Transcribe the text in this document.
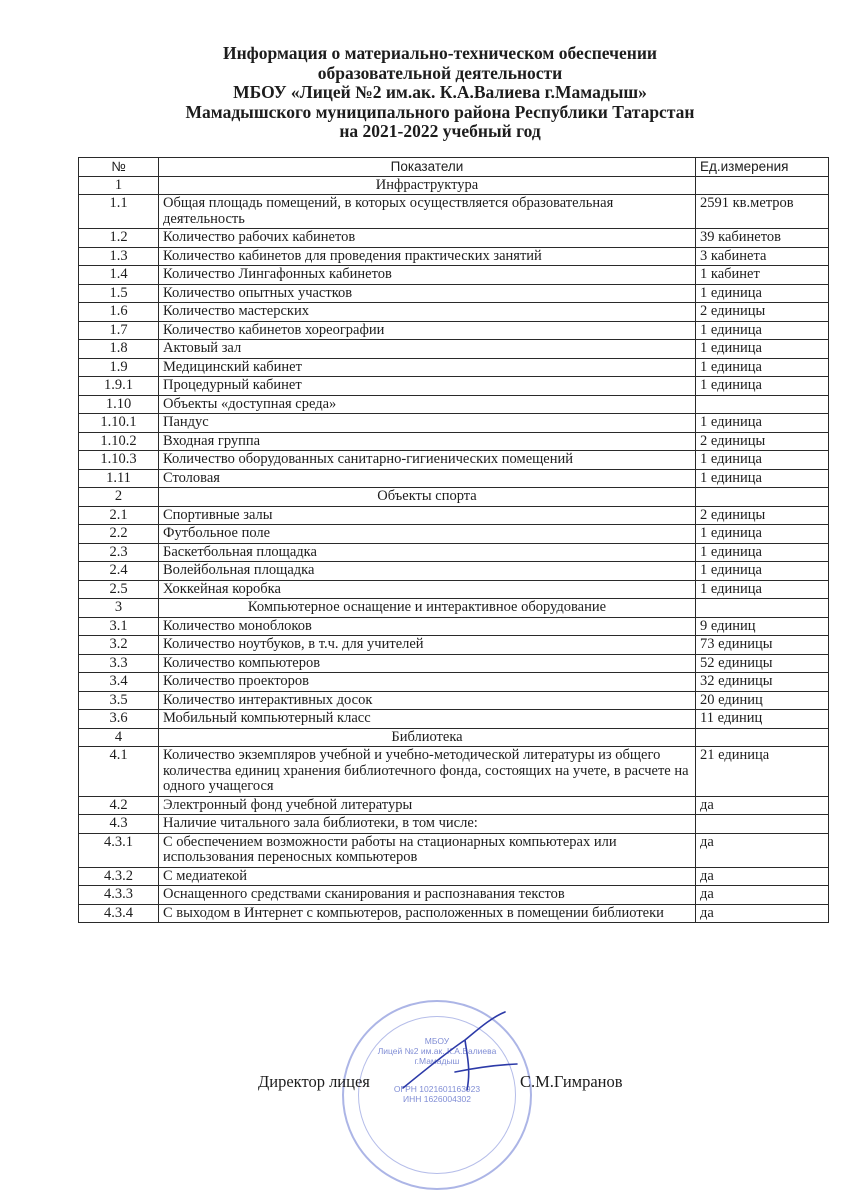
Информация о материально-техническом обеспечении
образовательной деятельности
МБОУ «Лицей №2 им.ак. К.А.Валиева г.Мамадыш»
Мамадышского муниципального района Республики Татарстан
на 2021-2022 учебный год
№	Показатели	Ед.измерения
1	Инфраструктура	
1.1	Общая площадь помещений, в которых осуществляется образовательная деятельность	2591 кв.метров
1.2	Количество рабочих кабинетов	39 кабинетов
1.3	Количество кабинетов для проведения практических занятий	3 кабинета
1.4	Количество Лингафонных кабинетов	1 кабинет
1.5	Количество опытных участков	1 единица
1.6	Количество мастерских	2 единицы
1.7	Количество кабинетов хореографии	1 единица
1.8	Актовый зал	1 единица
1.9	Медицинский кабинет	1 единица
1.9.1	Процедурный кабинет	1 единица
1.10	Объекты «доступная среда»	
1.10.1	Пандус	1 единица
1.10.2	Входная группа	2 единицы
1.10.3	Количество оборудованных санитарно-гигиенических помещений	1 единица
1.11	Столовая	1 единица
2	Объекты спорта	
2.1	Спортивные залы	2 единицы
2.2	Футбольное поле	1 единица
2.3	Баскетбольная площадка	1 единица
2.4	Волейбольная площадка	1 единица
2.5	Хоккейная коробка	1 единица
3	Компьютерное оснащение и интерактивное оборудование	
3.1	Количество моноблоков	9 единиц
3.2	Количество ноутбуков, в т.ч. для учителей	73 единицы
3.3	Количество компьютеров	52 единицы
3.4	Количество проекторов	32 единицы
3.5	Количество интерактивных досок	20 единиц
3.6	Мобильный компьютерный класс	11 единиц
4	Библиотека	
4.1	Количество экземпляров учебной и учебно-методической литературы из общего количества единиц хранения библиотечного фонда, состоящих на учете, в расчете на одного учащегося	21 единица
4.2	Электронный фонд учебной литературы	да
4.3	Наличие читального зала библиотеки, в том числе:	
4.3.1	С обеспечением возможности работы на стационарных компьютерах или использования переносных компьютеров	да
4.3.2	С медиатекой	да
4.3.3	Оснащенного средствами сканирования и распознавания текстов	да
4.3.4	С выходом в Интернет с компьютеров, расположенных в помещении библиотеки	да
МБОУ
Лицей №2 им.ак. К.А.Валиева
г.Мамадыш
ОГРН 1021601163923
ИНН 1626004302
Директор лицея	С.М.Гимранов
